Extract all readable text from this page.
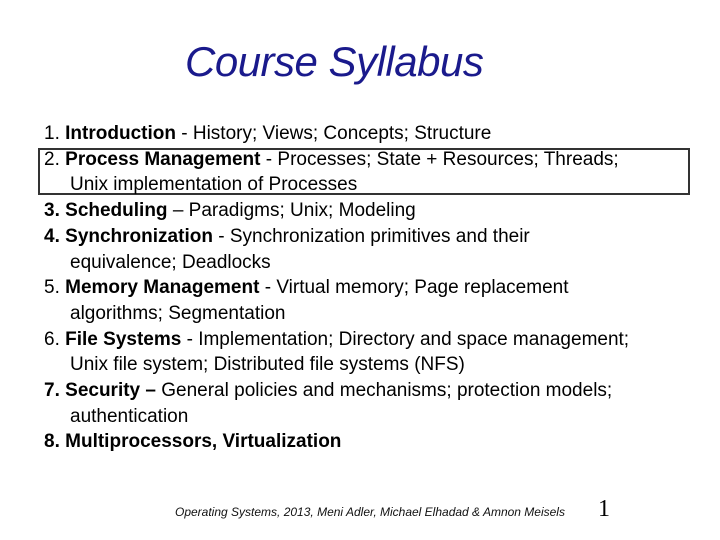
Course Syllabus
1. Introduction - History; Views; Concepts; Structure
2. Process Management - Processes; State + Resources; Threads;
Unix implementation of Processes
3. Scheduling – Paradigms; Unix; Modeling
4. Synchronization - Synchronization primitives and their
equivalence; Deadlocks
5. Memory Management - Virtual memory; Page replacement
algorithms; Segmentation
6. File Systems - Implementation; Directory and space management;
Unix file system; Distributed file systems (NFS)
7. Security – General policies and mechanisms; protection models;
authentication
8. Multiprocessors, Virtualization
Operating Systems, 2013, Meni Adler, Michael Elhadad & Amnon Meisels 1
